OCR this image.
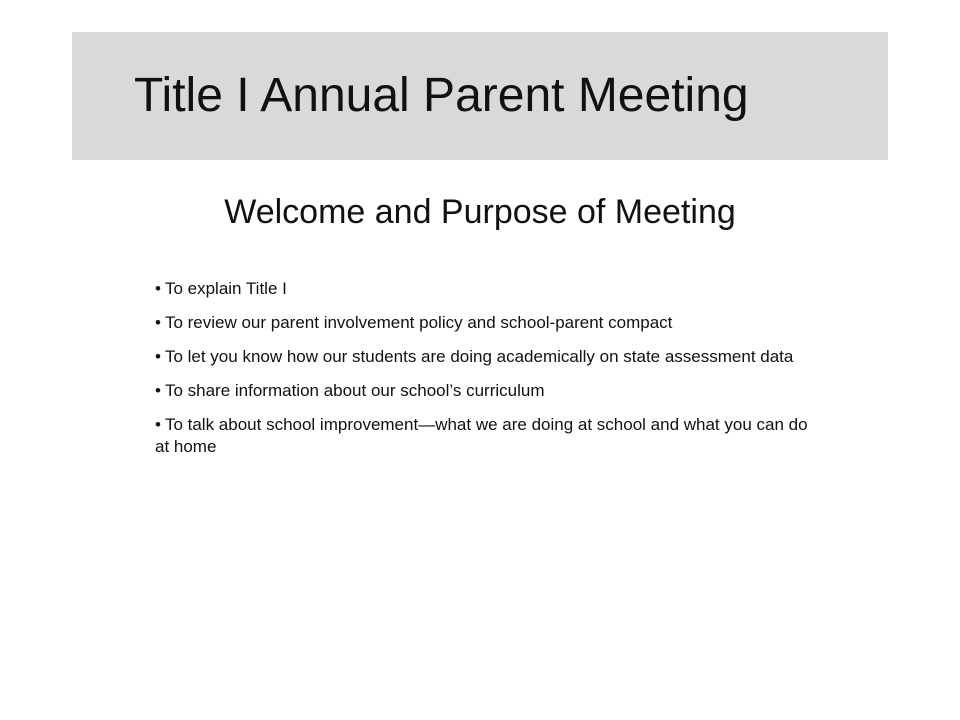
Title I Annual Parent Meeting
Welcome and Purpose of Meeting
• To explain Title I
• To review our parent involvement policy and school-parent compact
• To let you know how our students are doing academically on state assessment data
• To share information about our school’s curriculum
• To talk about school improvement—what we are doing at school and what you can do at home
